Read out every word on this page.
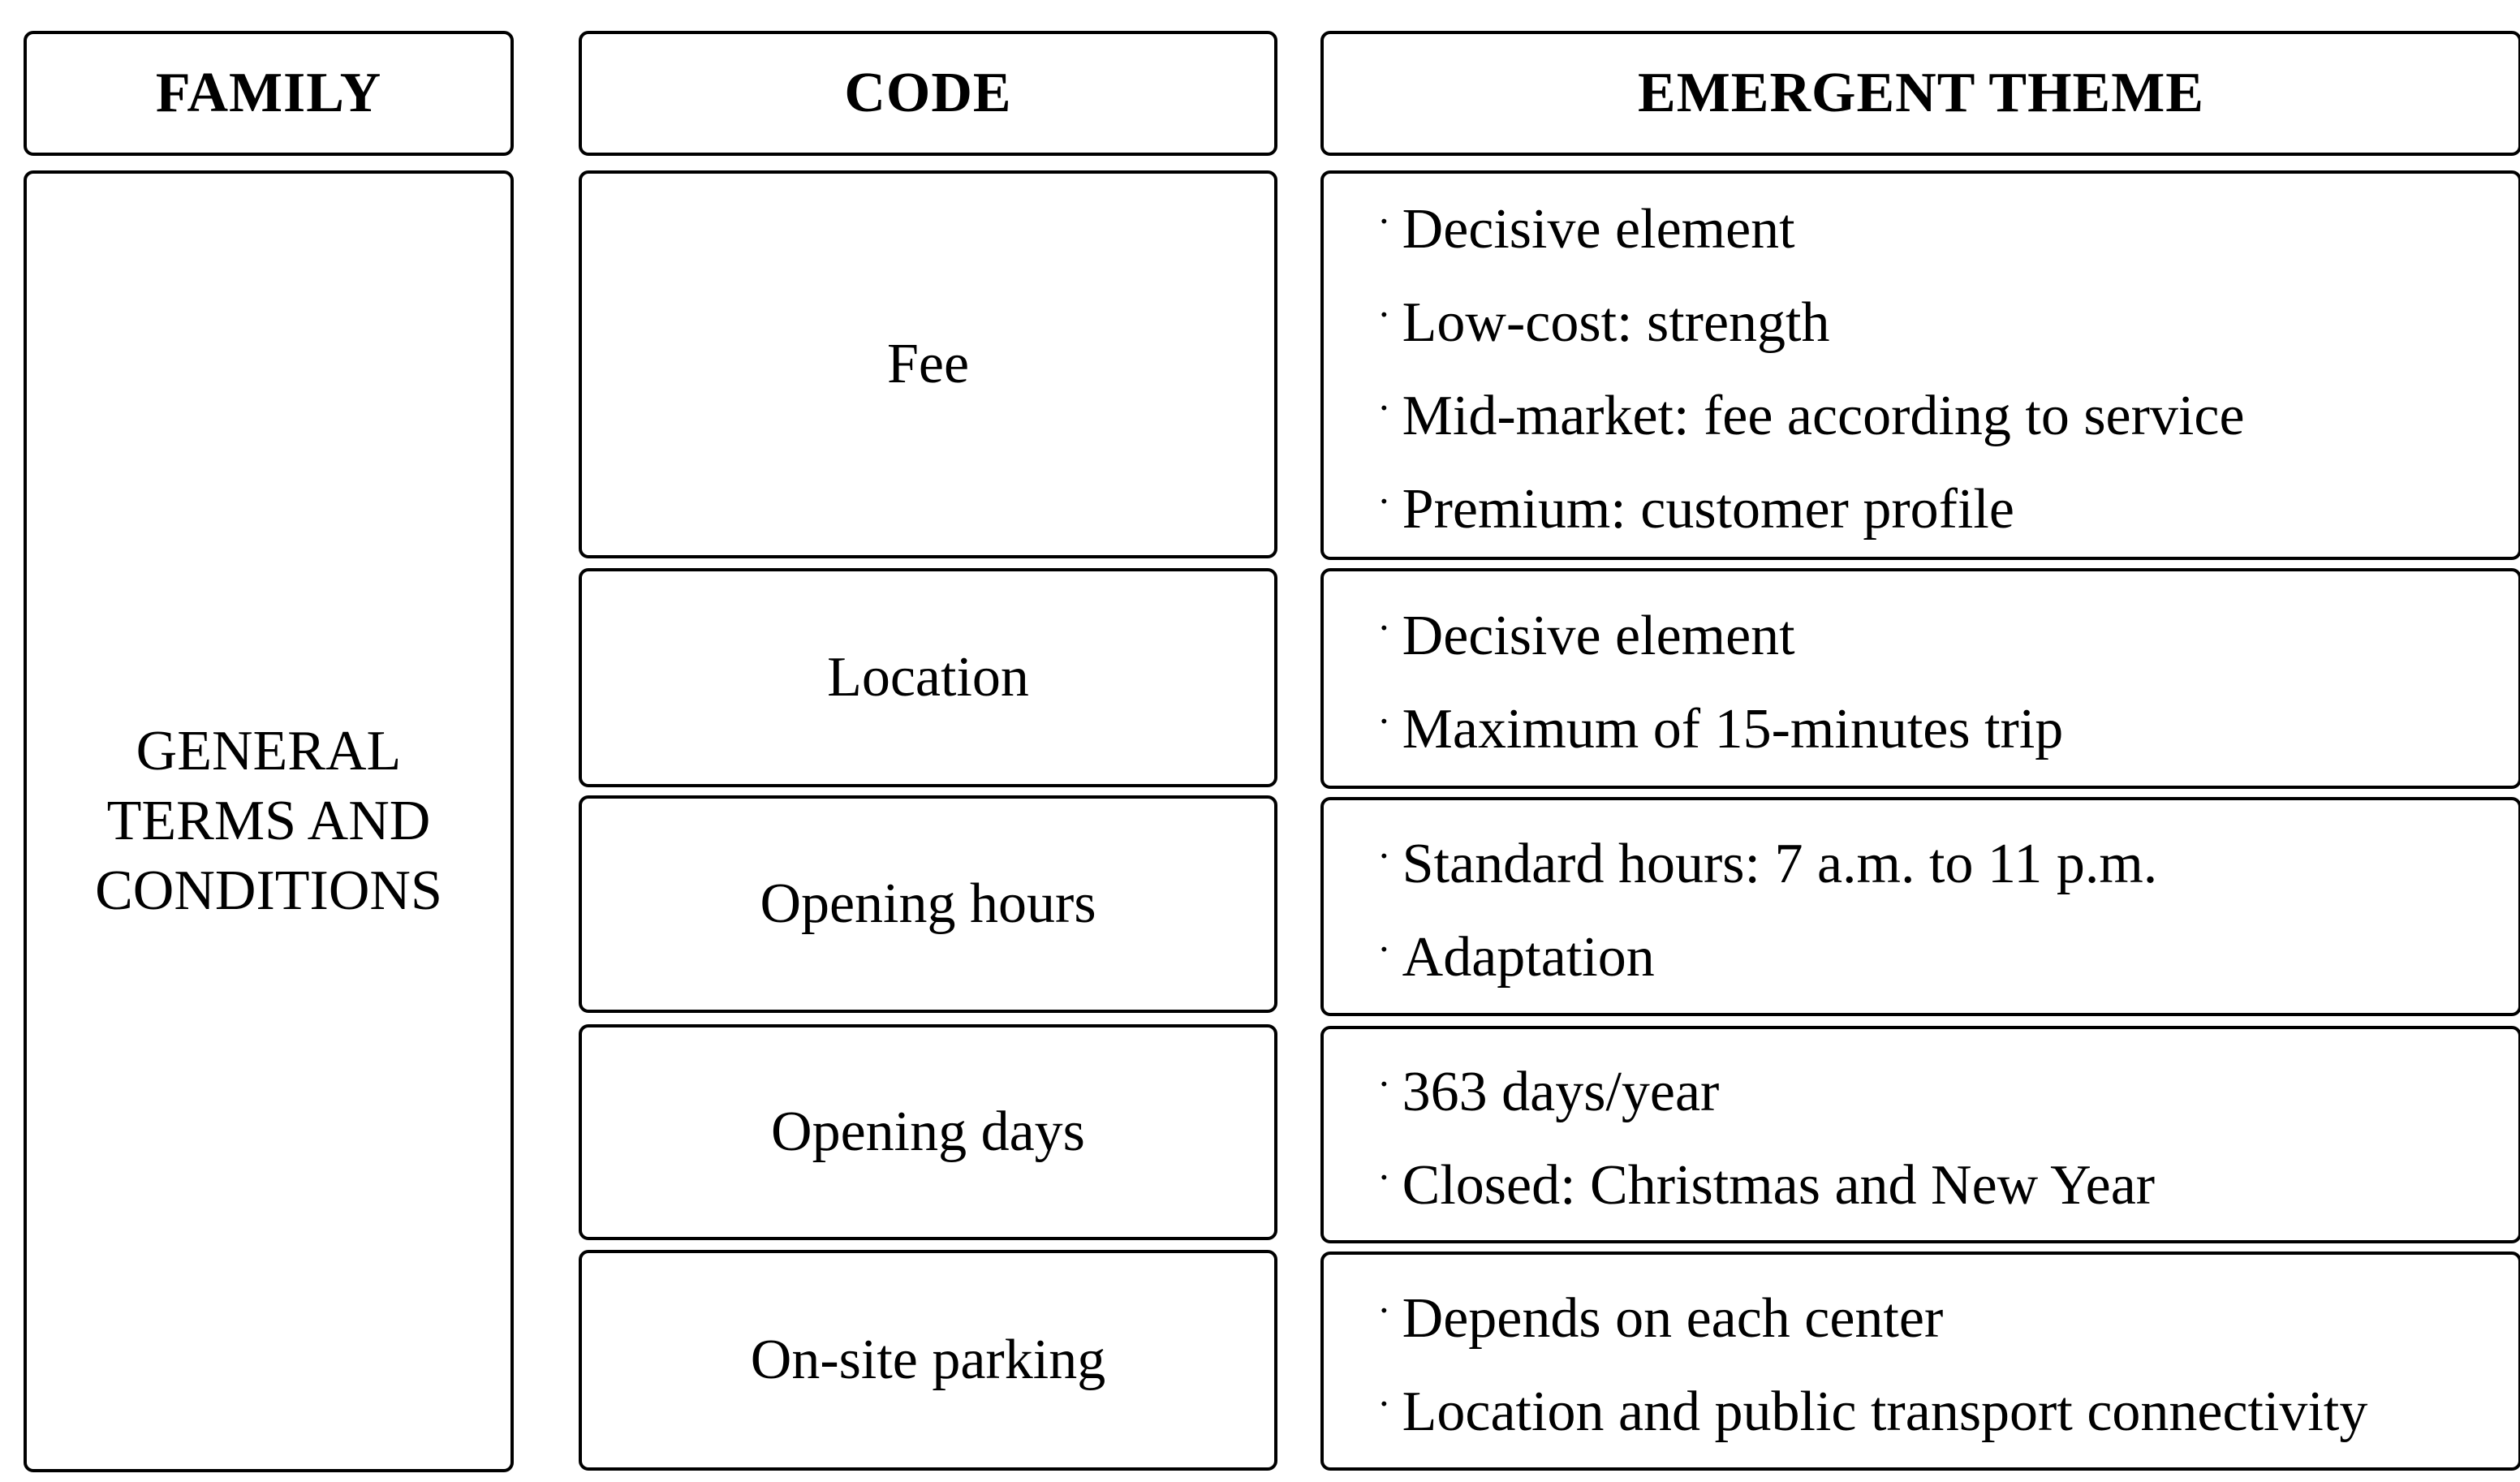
FAMILY	CODE	EMERGENT THEME
GENERAL
TERMS AND
CONDITIONS
Fee
Location
Opening hours
Opening days
On-site parking
· Decisive element
· Low-cost: strength
· Mid-market: fee according to service
· Premium: customer profile
· Decisive element
· Maximum of 15-minutes trip
· Standard hours: 7 a.m. to 11 p.m.
· Adaptation
· 363 days/year
· Closed: Christmas and New Year
· Depends on each center
· Location and public transport connectivity
